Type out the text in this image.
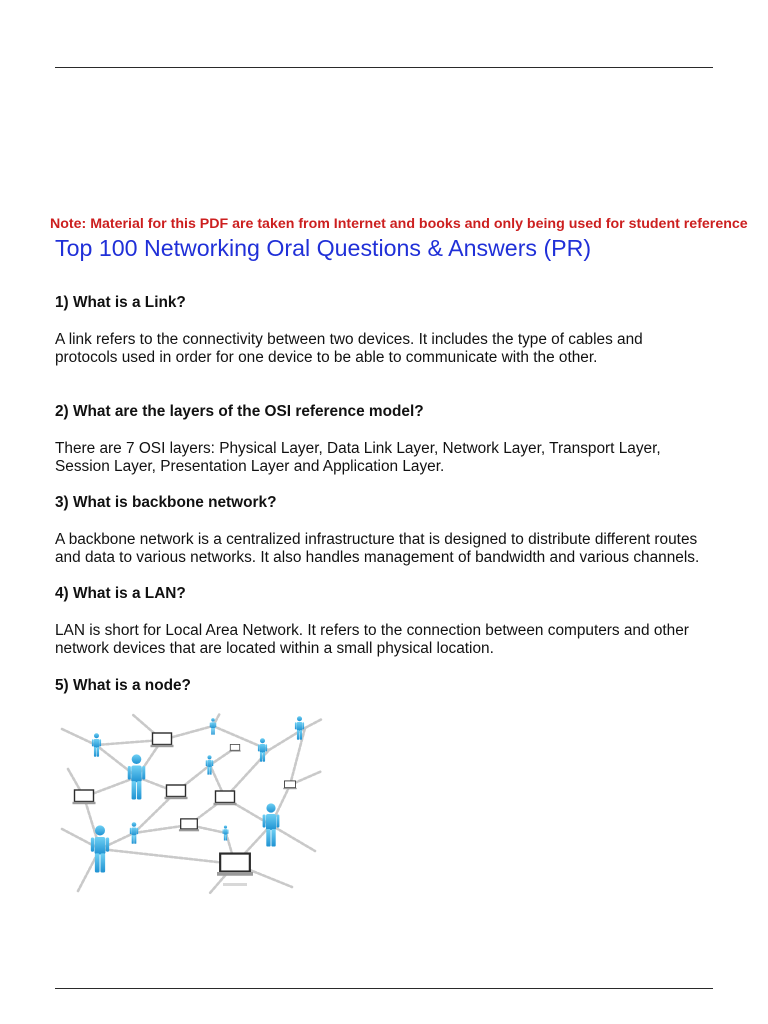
Note: Material for this PDF are taken from Internet and books and only being used for student reference
Top 100 Networking Oral Questions & Answers (PR)
1) What is a Link?
A link refers to the connectivity between two devices. It includes the type of cables and
protocols used in order for one device to be able to communicate with the other.
2) What are the layers of the OSI reference model?
There are 7 OSI layers: Physical Layer, Data Link Layer, Network Layer, Transport Layer,
Session Layer, Presentation Layer and Application Layer.
3) What is backbone network?
A backbone network is a centralized infrastructure that is designed to distribute different routes
and data to various networks. It also handles management of bandwidth and various channels.
4) What is a LAN?
LAN is short for Local Area Network. It refers to the connection between computers and other
network devices that are located within a small physical location.
5) What is a node?
